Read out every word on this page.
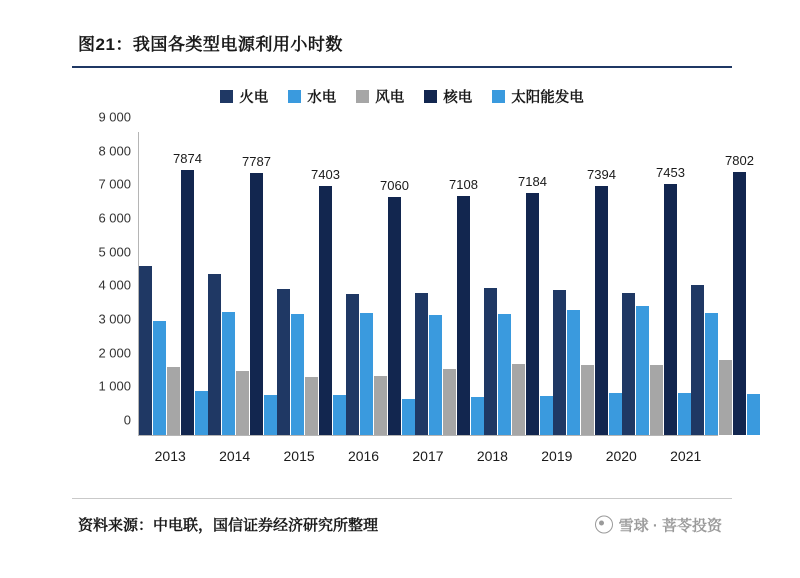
图21：我国各类型电源利用小时数
火电	水电	风电	核电	太阳能发电
7874	7787
7403
7060	7108	7184	7394	7453
7802
0
1 000
2 000
3 000
4 000
5 000
6 000
7 000
8 000
9 000
2013	2014	2015	2016	2017	2018	2019	2020	2021
资料来源：中电联，国信证券经济研究所整理	雪球 · 菩苓投资
